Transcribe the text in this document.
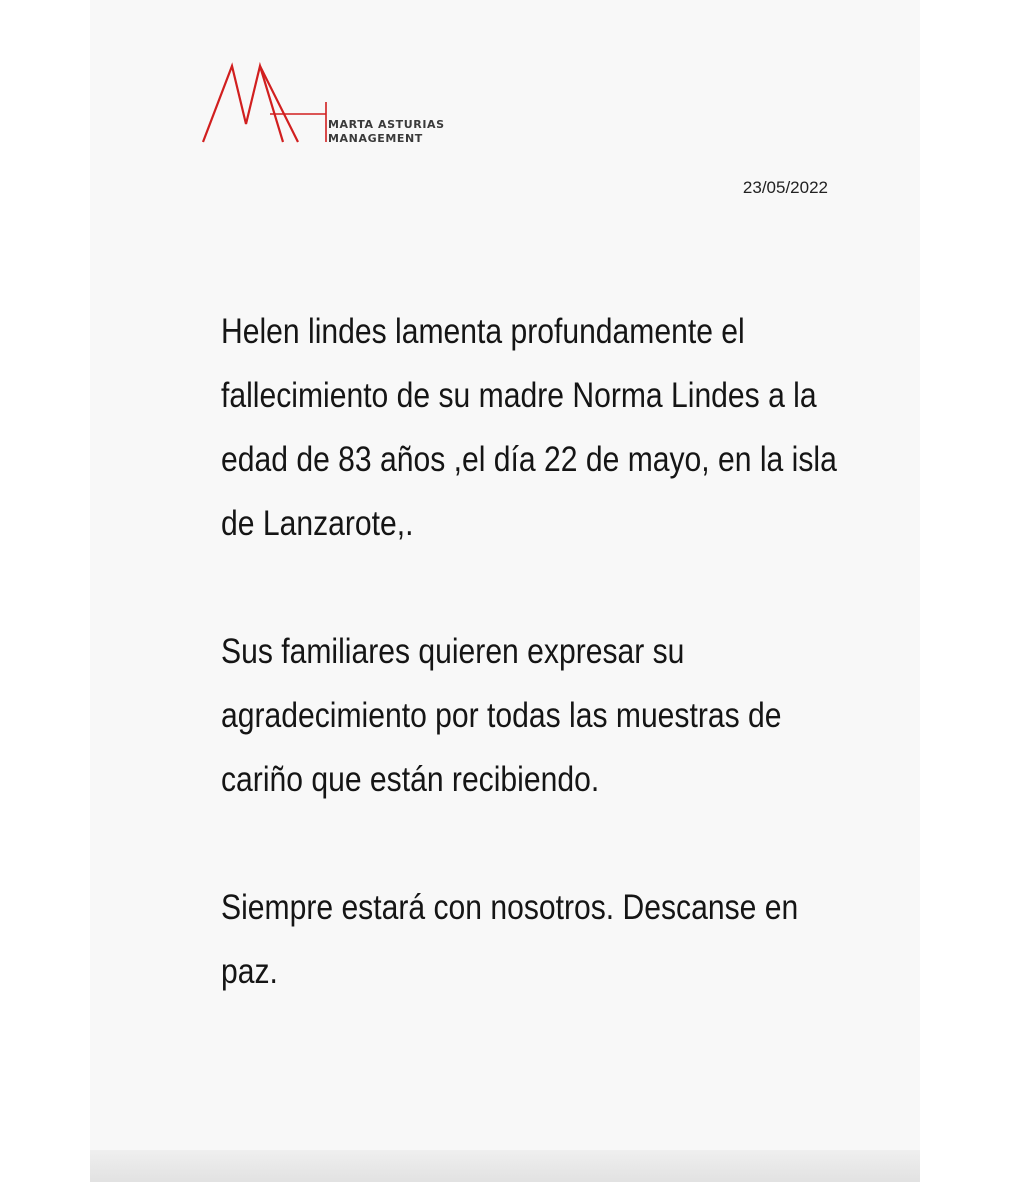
MARTA ASTURIAS
MANAGEMENT
23/05/2022

Helen lindes lamenta profundamente el fallecimiento de su madre Norma Lindes a la edad de 83 años ,el día 22 de mayo, en la isla de Lanzarote,.

Sus familiares quieren expresar su agradecimiento por todas las muestras de cariño que están recibiendo.

Siempre estará con nosotros. Descanse en paz.
